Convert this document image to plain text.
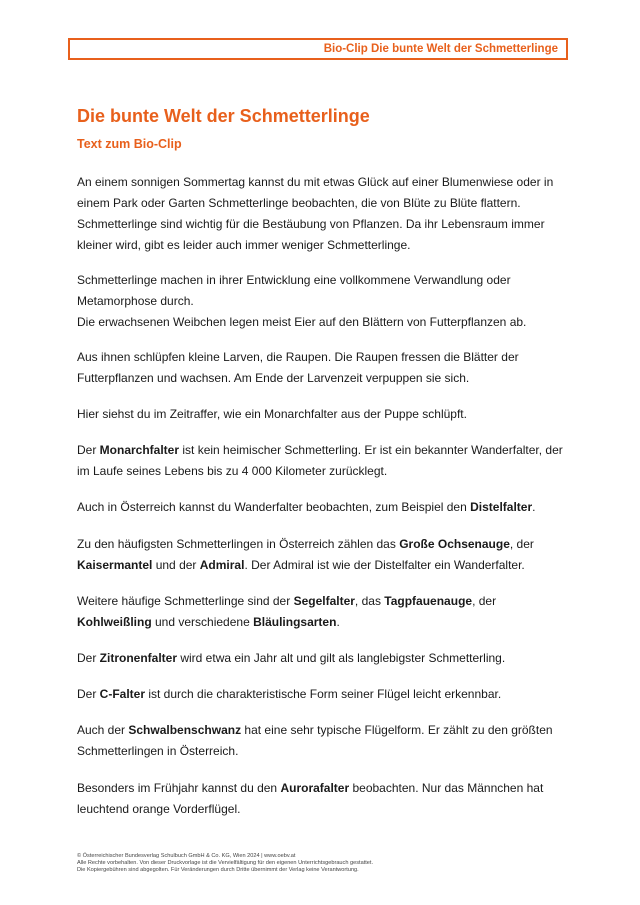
Bio-Clip Die bunte Welt der Schmetterlinge
Die bunte Welt der Schmetterlinge
Text zum Bio-Clip

An einem sonnigen Sommertag kannst du mit etwas Glück auf einer Blumenwiese oder in einem Park oder Garten Schmetterlinge beobachten, die von Blüte zu Blüte flattern. Schmetterlinge sind wichtig für die Bestäubung von Pflanzen. Da ihr Lebensraum immer kleiner wird, gibt es leider auch immer weniger Schmetterlinge.

Schmetterlinge machen in ihrer Entwicklung eine vollkommene Verwandlung oder Metamorphose durch.
Die erwachsenen Weibchen legen meist Eier auf den Blättern von Futterpflanzen ab.

Aus ihnen schlüpfen kleine Larven, die Raupen. Die Raupen fressen die Blätter der Futterpflanzen und wachsen. Am Ende der Larvenzeit verpuppen sie sich.

Hier siehst du im Zeitraffer, wie ein Monarchfalter aus der Puppe schlüpft.

Der Monarchfalter ist kein heimischer Schmetterling. Er ist ein bekannter Wanderfalter, der im Laufe seines Lebens bis zu 4 000 Kilometer zurücklegt.

Auch in Österreich kannst du Wanderfalter beobachten, zum Beispiel den Distelfalter.

Zu den häufigsten Schmetterlingen in Österreich zählen das Große Ochsenauge, der Kaisermantel und der Admiral. Der Admiral ist wie der Distelfalter ein Wanderfalter.

Weitere häufige Schmetterlinge sind der Segelfalter, das Tagpfauenauge, der Kohlweißling und verschiedene Bläulingsarten.

Der Zitronenfalter wird etwa ein Jahr alt und gilt als langlebigster Schmetterling.

Der C-Falter ist durch die charakteristische Form seiner Flügel leicht erkennbar.

Auch der Schwalbenschwanz hat eine sehr typische Flügelform. Er zählt zu den größten Schmetterlingen in Österreich.

Besonders im Frühjahr kannst du den Aurorafalter beobachten. Nur das Männchen hat leuchtend orange Vorderflügel.

© Österreichischer Bundesverlag Schulbuch GmbH & Co. KG, Wien 2024 | www.oebv.at
Alle Rechte vorbehalten. Von dieser Druckvorlage ist die Vervielfältigung für den eigenen Unterrichtsgebrauch gestattet.
Die Kopiergebühren sind abgegolten. Für Veränderungen durch Dritte übernimmt der Verlag keine Verantwortung.
